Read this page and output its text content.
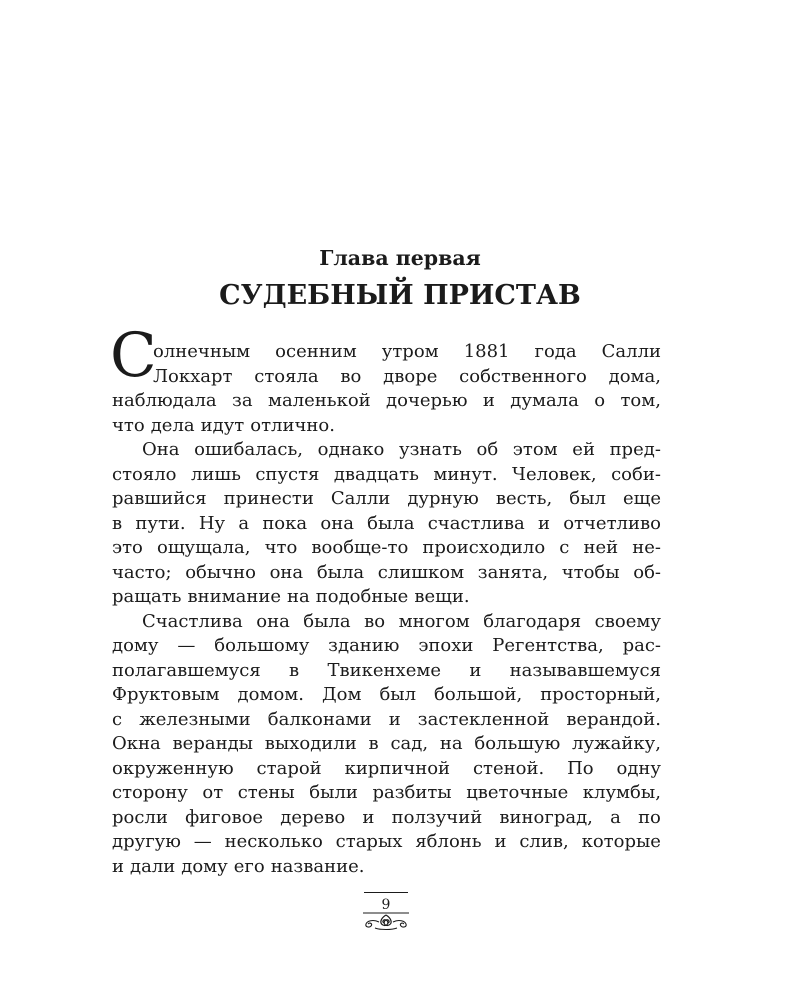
Глава первая
СУДЕБНЫЙ ПРИСТАВ
С
олнечным осенним утром 1881 года Салли
Локхарт стояла во дворе собственного дома,
наблюдала за маленькой дочерью и думала о том,
что дела идут отлично.
Она ошибалась, однако узнать об этом ей пред-
стояло лишь спустя двадцать минут. Человек, соби-
равшийся принести Салли дурную весть, был еще
в пути. Ну а пока она была счастлива и отчетливо
это ощущала, что вообще-то происходило с ней не-
часто; обычно она была слишком занята, чтобы об-
ращать внимание на подобные вещи.
Счастлива она была во многом благодаря своему
дому — большому зданию эпохи Регентства, рас-
полагавшемуся в Твикенхеме и называвшемуся
Фруктовым домом. Дом был большой, просторный,
с железными балконами и застекленной верандой.
Окна веранды выходили в сад, на большую лужайку,
окруженную старой кирпичной стеной. По одну
сторону от стены были разбиты цветочные клумбы,
росли фиговое дерево и ползучий виноград, а по
другую — несколько старых яблонь и слив, которые
и дали дому его название.
9
